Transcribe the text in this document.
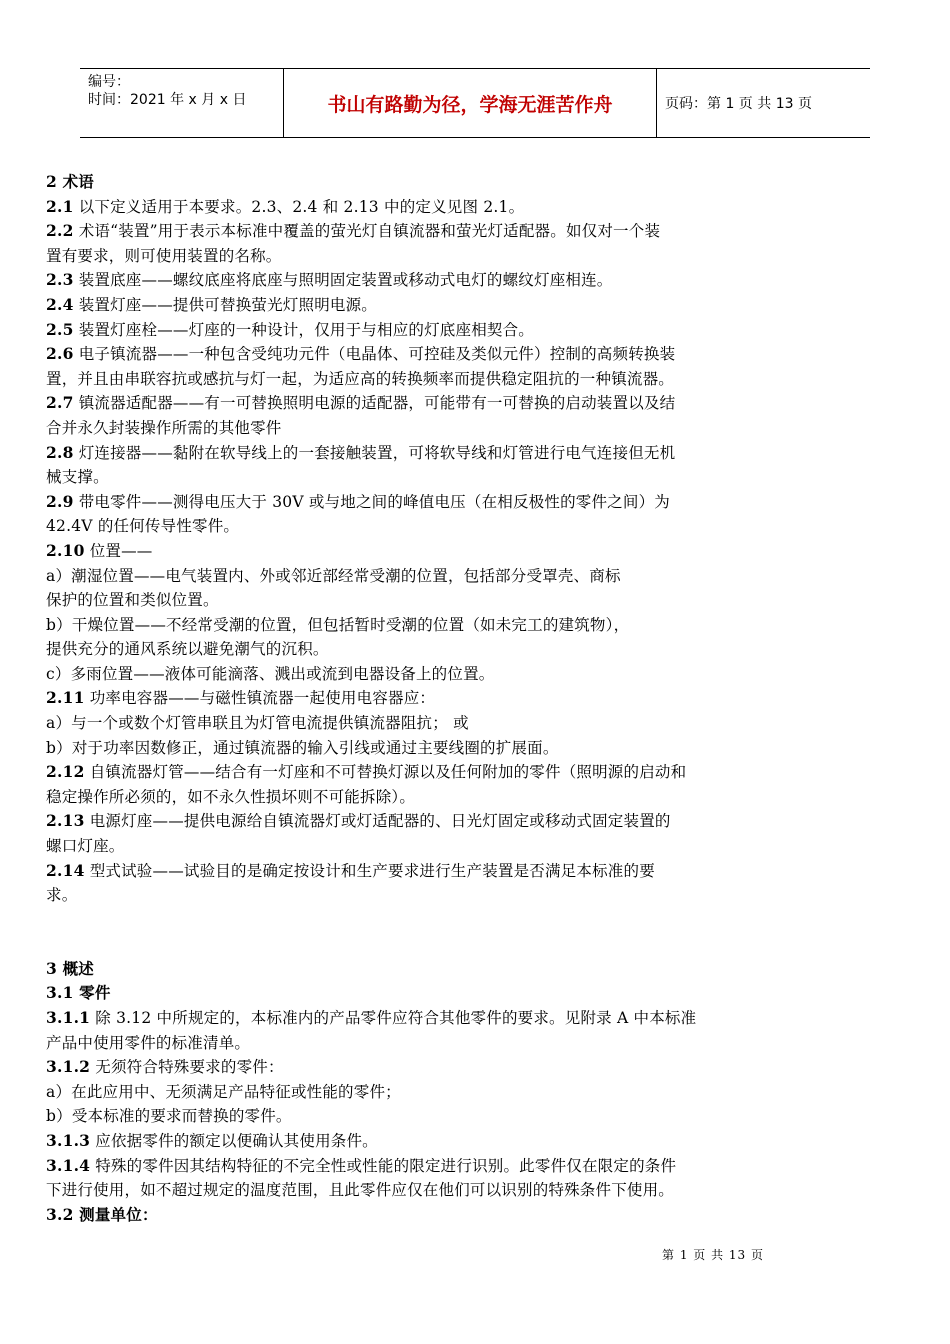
编号：
时间：2021 年 x 月 x 日	书山有路勤为径，学海无涯苦作舟	页码：第 1 页 共 13 页
2 术语
2.1 以下定义适用于本要求。2.3、2.4 和 2.13 中的定义见图 2.1。
2.2 术语“装置”用于表示本标准中覆盖的萤光灯自镇流器和萤光灯适配器。如仅对一个装
置有要求，则可使用装置的名称。
2.3 装置底座——螺纹底座将底座与照明固定装置或移动式电灯的螺纹灯座相连。
2.4 装置灯座——提供可替换萤光灯照明电源。
2.5 装置灯座栓——灯座的一种设计，仅用于与相应的灯底座相契合。
2.6 电子镇流器——一种包含受纯功元件（电晶体、可控硅及类似元件）控制的高频转换装
置，并且由串联容抗或感抗与灯一起，为适应高的转换频率而提供稳定阻抗的一种镇流器。
2.7 镇流器适配器——有一可替换照明电源的适配器，可能带有一可替换的启动装置以及结
合并永久封装操作所需的其他零件
2.8 灯连接器——黏附在软导线上的一套接触装置，可将软导线和灯管进行电气连接但无机
械支撑。
2.9 带电零件——测得电压大于 30V 或与地之间的峰值电压（在相反极性的零件之间）为
42.4V 的任何传导性零件。
2.10 位置——
a）潮湿位置——电气装置内、外或邻近部经常受潮的位置，包括部分受罩壳、商标
保护的位置和类似位置。
b）干燥位置——不经常受潮的位置，但包括暂时受潮的位置（如未完工的建筑物），
提供充分的通风系统以避免潮气的沉积。
c）多雨位置——液体可能滴落、溅出或流到电器设备上的位置。
2.11 功率电容器——与磁性镇流器一起使用电容器应：
a）与一个或数个灯管串联且为灯管电流提供镇流器阻抗； 或
b）对于功率因数修正，通过镇流器的输入引线或通过主要线圈的扩展面。
2.12 自镇流器灯管——结合有一灯座和不可替换灯源以及任何附加的零件（照明源的启动和
稳定操作所必须的，如不永久性损坏则不可能拆除）。
2.13 电源灯座——提供电源给自镇流器灯或灯适配器的、日光灯固定或移动式固定装置的
螺口灯座。
2.14 型式试验——试验目的是确定按设计和生产要求进行生产装置是否满足本标准的要
求。
3 概述
3.1 零件
3.1.1 除 3.12 中所规定的，本标准内的产品零件应符合其他零件的要求。见附录 A 中本标准
产品中使用零件的标准清单。
3.1.2 无须符合特殊要求的零件：
a）在此应用中、无须满足产品特征或性能的零件；
b）受本标准的要求而替换的零件。
3.1.3 应依据零件的额定以便确认其使用条件。
3.1.4 特殊的零件因其结构特征的不完全性或性能的限定进行识别。此零件仅在限定的条件
下进行使用，如不超过规定的温度范围，且此零件应仅在他们可以识别的特殊条件下使用。
3.2 测量单位：
第 1 页 共 13 页
